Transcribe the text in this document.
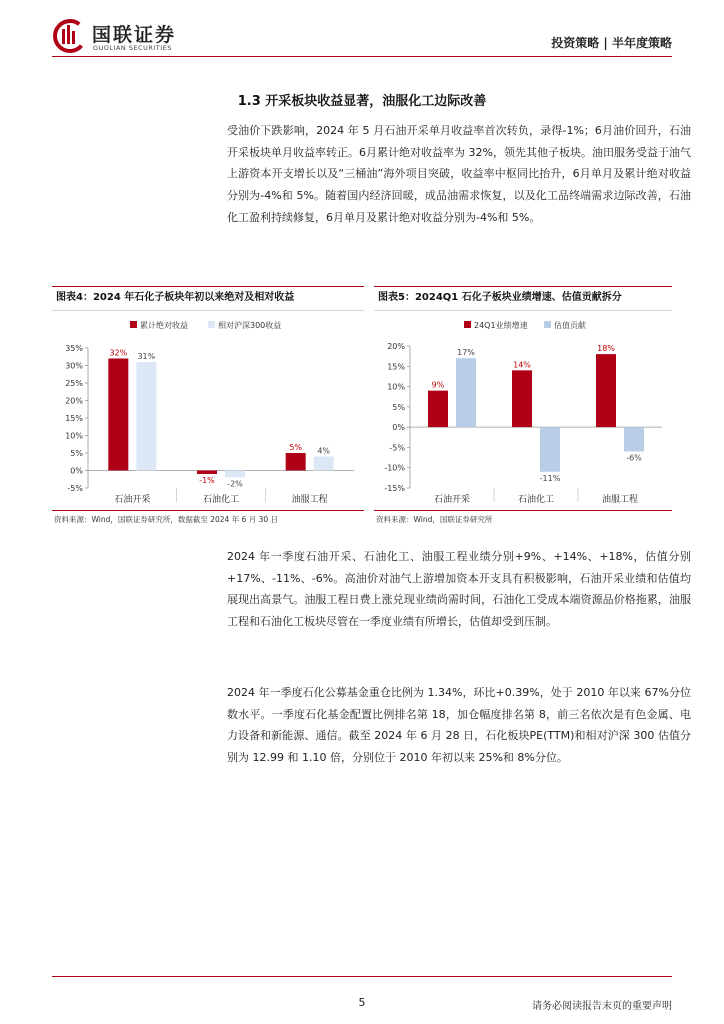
国联证券
GUOLIAN SECURITIES	投资策略 | 半年度策略
1.3 开采板块收益显著，油服化工边际改善
受油价下跌影响，2024 年 5 月石油开采单月收益率首次转负，录得-1%；6月油价回升，石油开采板块单月收益率转正。6月累计绝对收益率为 32%，领先其他子板块。油田服务受益于油气上游资本开支增长以及“三桶油”海外项目突破，收益率中枢同比抬升，6月单月及累计绝对收益分别为-4%和 5%。随着国内经济回暖，成品油需求恢复，以及化工品终端需求边际改善，石油化工盈利持续修复，6月单月及累计绝对收益分别为-4%和 5%。
图表4：2024 年石化子板块年初以来绝对及相对收益
累计绝对收益	相对沪深300收益
-5%
0%
5%
10%
15%
20%
25%
30%
35%	32% 31%
石油开采
-1% -2%
石油化工
5% 4%
油服工程
资料来源：Wind，国联证券研究所，数据截至 2024 年 6 月 30 日
图表5：2024Q1 石化子板块业绩增速、估值贡献拆分
24Q1业绩增速	估值贡献
-15%
-10%
-5%
0%
5%
10%
15%
20%
9%
17%
石油开采
14%
-11%
石油化工
18%
-6%
油服工程
资料来源：Wind，国联证券研究所
2024 年一季度石油开采、石油化工、油服工程业绩分别+9%、+14%、+18%，估值分别+17%、-11%、-6%。高油价对油气上游增加资本开支具有积极影响，石油开采业绩和估值均展现出高景气。油服工程日费上涨兑现业绩尚需时间，石油化工受成本端资源品价格拖累，油服工程和石油化工板块尽管在一季度业绩有所增长，估值却受到压制。
2024 年一季度石化公募基金重仓比例为 1.34%，环比+0.39%，处于 2010 年以来 67%分位数水平。一季度石化基金配置比例排名第 18，加仓幅度排名第 8，前三名依次是有色金属、电力设备和新能源、通信。截至 2024 年 6 月 28 日，石化板块PE(TTM)和相对沪深 300 估值分别为 12.99 和 1.10 倍，分别位于 2010 年初以来 25%和 8%分位。
5	请务必阅读报告末页的重要声明
